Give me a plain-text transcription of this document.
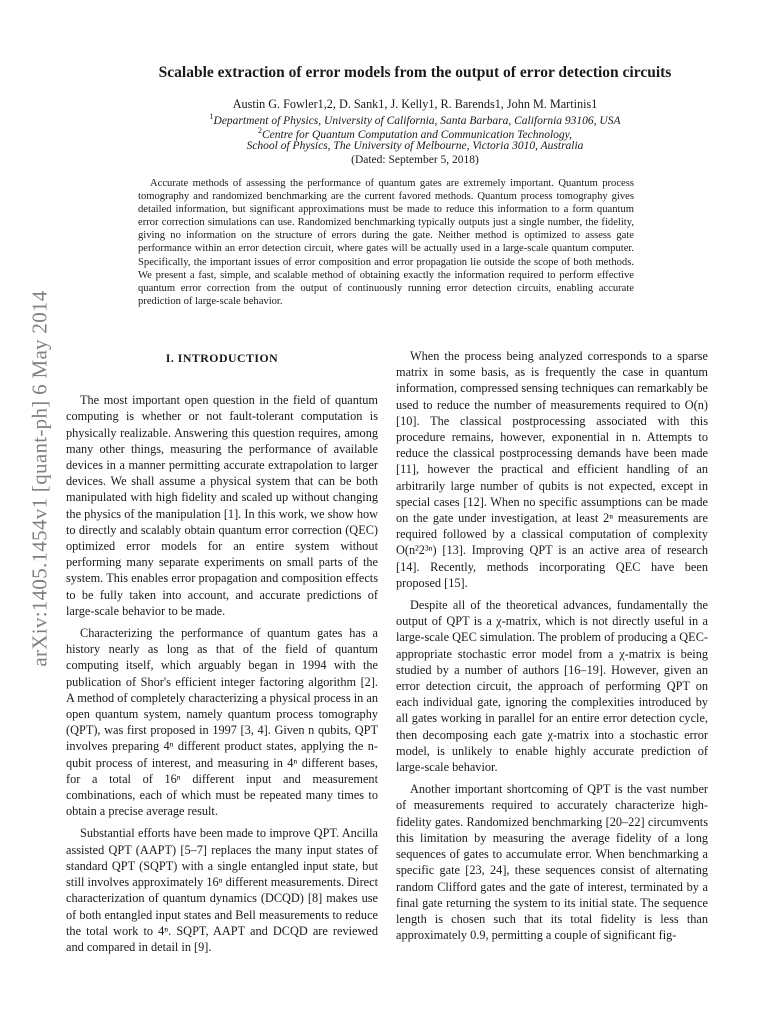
arXiv:1405.1454v1 [quant-ph] 6 May 2014
Scalable extraction of error models from the output of error detection circuits
Austin G. Fowler1,2, D. Sank1, J. Kelly1, R. Barends1, John M. Martinis1
$^1$Department of Physics, University of California, Santa Barbara, California 93106, USA
$^2$Centre for Quantum Computation and Communication Technology,
School of Physics, The University of Melbourne, Victoria 3010, Australia
(Dated: September 5, 2018)

Accurate methods of assessing the performance of quantum gates are extremely important. Quantum process tomography and randomized benchmarking are the current favored methods. Quantum process tomography gives detailed information, but significant approximations must be made to reduce this information to a form quantum error correction simulations can use. Randomized benchmarking typically outputs just a single number, the fidelity, giving no information on the structure of errors during the gate. Neither method is optimized to assess gate performance within an error detection circuit, where gates will be actually used in a large-scale quantum computer. Specifically, the important issues of error composition and error propagation lie outside the scope of both methods. We present a fast, simple, and scalable method of obtaining exactly the information required to perform effective quantum error correction from the output of continuously running error detection circuits, enabling accurate prediction of large-scale behavior.

I. INTRODUCTION

The most important open question in the field of quantum computing is whether or not fault-tolerant computation is physically realizable. Answering this question requires, among many other things, measuring the performance of available devices in a manner permitting accurate extrapolation to larger devices. We shall assume a physical system that can be both manipulated with high fidelity and scaled up without changing the physics of the manipulation [1]. In this work, we show how to directly and scalably obtain quantum error correction (QEC) optimized error models for an entire system without performing many separate experiments on small parts of the system. This enables error propagation and composition effects to be fully taken into account, and accurate predictions of large-scale behavior to be made.

Characterizing the performance of quantum gates has a history nearly as long as that of the field of quantum computing itself, which arguably began in 1994 with the publication of Shor's efficient integer factoring algorithm [2]. A method of completely characterizing a physical process in an open quantum system, namely quantum process tomography (QPT), was first proposed in 1997 [3, 4]. Given n qubits, QPT involves preparing 4ⁿ different product states, applying the n-qubit process of interest, and measuring in 4ⁿ different bases, for a total of 16ⁿ different input and measurement combinations, each of which must be repeated many times to obtain a precise average result.

Substantial efforts have been made to improve QPT. Ancilla assisted QPT (AAPT) [5–7] replaces the many input states of standard QPT (SQPT) with a single entangled input state, but still involves approximately 16ⁿ different measurements. Direct characterization of quantum dynamics (DCQD) [8] makes use of both entangled input states and Bell measurements to reduce the total work to 4ⁿ. SQPT, AAPT and DCQD are reviewed and compared in detail in [9].

When the process being analyzed corresponds to a sparse matrix in some basis, as is frequently the case in quantum information, compressed sensing techniques can remarkably be used to reduce the number of measurements required to O(n) [10]. The classical postprocessing associated with this procedure remains, however, exponential in n. Attempts to reduce the classical postprocessing demands have been made [11], however the practical and efficient handling of an arbitrarily large number of qubits is not expected, except in special cases [12]. When no specific assumptions can be made on the gate under investigation, at least 2ⁿ measurements are required followed by a classical computation of complexity O(n²2³ⁿ) [13]. Improving QPT is an active area of research [14]. Recently, methods incorporating QEC have been proposed [15].

Despite all of the theoretical advances, fundamentally the output of QPT is a χ-matrix, which is not directly useful in a large-scale QEC simulation. The problem of producing a QEC-appropriate stochastic error model from a χ-matrix is being studied by a number of authors [16–19]. However, given an error detection circuit, the approach of performing QPT on each individual gate, ignoring the complexities introduced by all gates working in parallel for an entire error detection cycle, then decomposing each gate χ-matrix into a stochastic error model, is unlikely to enable highly accurate prediction of large-scale behavior.

Another important shortcoming of QPT is the vast number of measurements required to accurately characterize high-fidelity gates. Randomized benchmarking [20–22] circumvents this limitation by measuring the average fidelity of a long sequences of gates to accumulate error. When benchmarking a specific gate [23, 24], these sequences consist of alternating random Clifford gates and the gate of interest, terminated by a final gate returning the system to its initial state. The sequence length is chosen such that its total fidelity is less than approximately 0.9, permitting a couple of significant fig-
